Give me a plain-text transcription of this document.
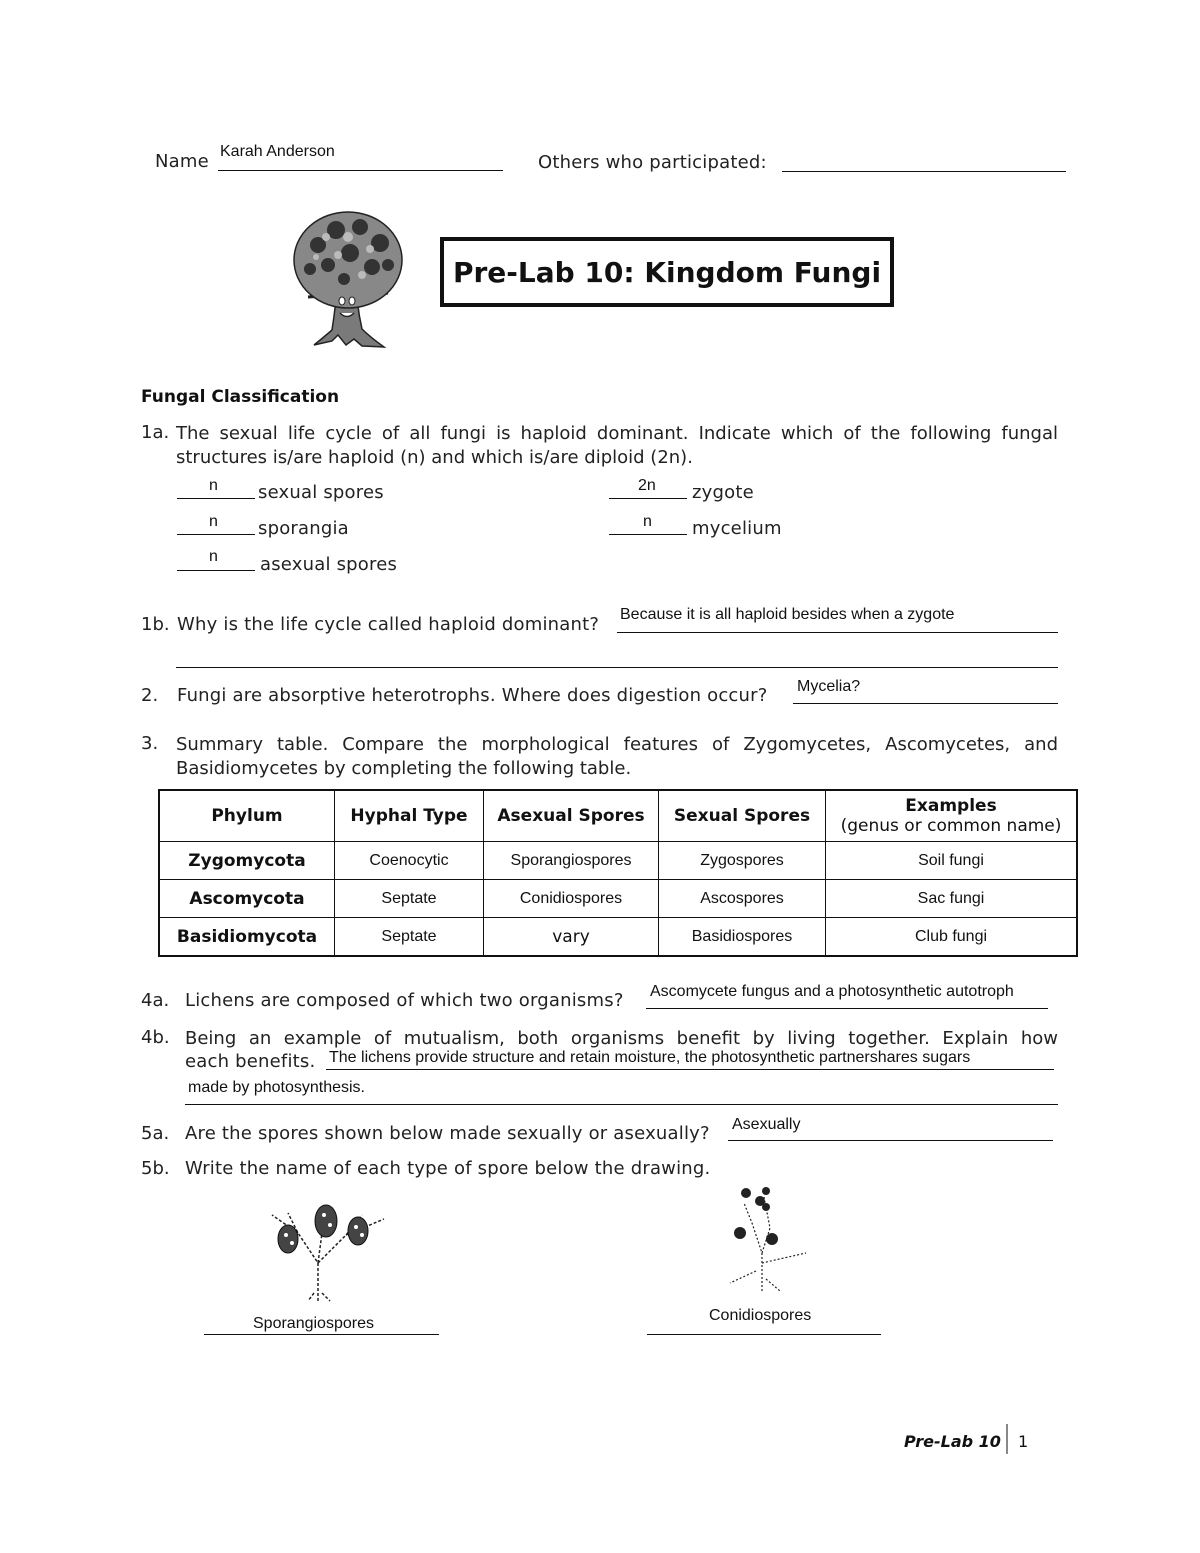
Name Karah Anderson
Others who participated:
Pre-Lab 10: Kingdom Fungi
Fungal Classification
1a. The sexual life cycle of all fungi is haploid dominant. Indicate which of the following fungal structures is/are haploid (n) and which is/are diploid (2n).
n sexual spores
n sporangia
n asexual spores
2n zygote
n mycelium
1b. Why is the life cycle called haploid dominant? Because it is all haploid besides when a zygote
2. Fungi are absorptive heterotrophs. Where does digestion occur? Mycelia?
3. Summary table. Compare the morphological features of Zygomycetes, Ascomycetes, and Basidiomycetes by completing the following table.
Phylum	Hyphal Type	Asexual Spores	Sexual Spores	Examples
(genus or common name)

Zygomycota	Coenocytic	Sporangiospores	Zygospores	Soil fungi
Ascomycota	Septate	Conidiospores	Ascospores	Sac fungi
Basidiomycota	Septate	vary	Basidiospores	Club fungi
4a. Lichens are composed of which two organisms? Ascomycete fungus and a photosynthetic autotroph
4b. Being an example of mutualism, both organisms benefit by living together. Explain how
each benefits. The lichens provide structure and retain moisture, the photosynthetic partnershares sugars
made by photosynthesis.
5a. Are the spores shown below made sexually or asexually? Asexually
5b. Write the name of each type of spore below the drawing.
Sporangiospores	Conidiospores
Pre-Lab 10 1
